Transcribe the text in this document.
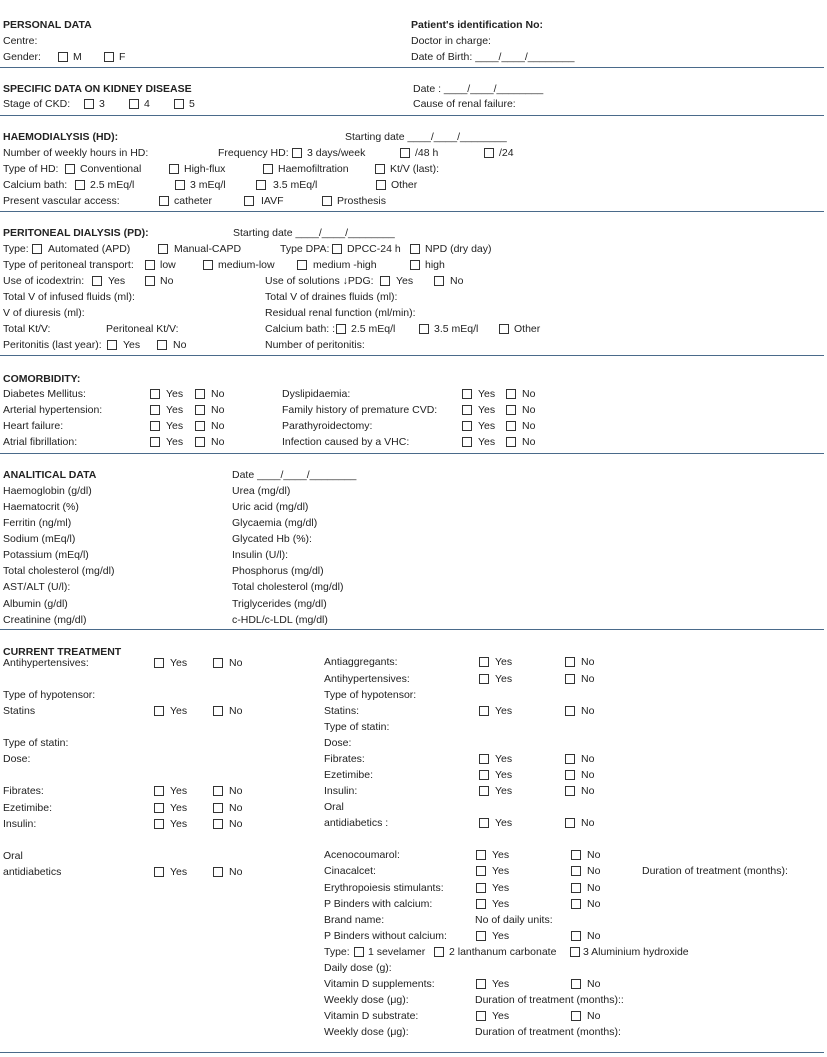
PERSONAL DATA
Centre:
Gender:	M	F
Patient's identification No:
Doctor in charge:
Date of Birth: ____/____/________
SPECIFIC DATA ON KIDNEY DISEASE
Stage of CKD:	3	4	5
Date : ____/____/________
Cause of renal failure:
HAEMODIALYSIS (HD):	Starting date ____/____/________
Number of weekly hours in HD:	Frequency HD: 3 days/week	/48 h	/24
Type of HD: Conventional	High-flux	Haemofiltration	Kt/V (last):
Calcium bath: 2.5 mEq/l	3 mEq/l	3.5 mEq/l	Other
Present vascular access:	catheter	IAVF	Prosthesis
PERITONEAL DIALYSIS (PD):	Starting date ____/____/________
Type: Automated (APD)	Manual-CAPD	Type DPA: DPCC-24 h NPD (dry day)
Type of peritoneal transport:	low	medium-low	medium -high	high
Use of icodextrin: Yes	No	Use of solutions ↓PDG: Yes	No
Total V of infused fluids (ml):	Total V of draines fluids (ml):
V of diuresis (ml):	Residual renal function (ml/min):
Total Kt/V:	Peritoneal Kt/V:	Calcium bath: : 2.5 mEq/l	3.5 mEq/l	Other
Peritonitis (last year): Yes	No	Number of peritonitis:
COMORBIDITY:
Diabetes Mellitus:	Yes	No	Dyslipidaemia:	Yes	No
Arterial hypertension:	Yes	No	Family history of premature CVD:	Yes	No
Heart failure:	Yes	No	Parathyroidectomy:	Yes	No
Atrial fibrillation:	Yes	No	Infection caused by a VHC:	Yes	No
ANALITICAL DATA	Date ____/____/________
Haemoglobin (g/dl)	Urea (mg/dl)
Haematocrit (%)	Uric acid (mg/dl)
Ferritin (ng/ml)	Glycaemia (mg/dl)
Sodium (mEq/l)	Glycated Hb (%):
Potassium (mEq/l)	Insulin (U/l):
Total cholesterol (mg/dl)	Phosphorus (mg/dl)
AST/ALT (U/l):	Total cholesterol (mg/dl)
Albumin (g/dl)	Triglycerides (mg/dl)
Creatinine (mg/dl)	c-HDL/c-LDL (mg/dl)
CURRENT TREATMENT
Antihypertensives:	Yes	No
Type of hypotensor:
Statins	Yes	No
Type of statin:
Dose:
Fibrates:	Yes	No
Ezetimibe:	Yes	No
Insulin:	Yes	No
Oral
antidiabetics	Yes	No
Antiaggregants:	Yes	No
Antihypertensives:	Yes	No
Type of hypotensor:
Statins:	Yes	No
Type of statin:
Dose:
Fibrates:	Yes	No
Ezetimibe:	Yes	No
Insulin:	Yes	No
Oral
antidiabetics :	Yes	No
Acenocoumarol:	Yes	No
Cinacalcet:	Yes	No	Duration of treatment (months):
Erythropoiesis stimulants:	Yes	No
P Binders with calcium:	Yes	No
Brand name:	No of daily units:
P Binders without calcium:	Yes	No
Type: 1 sevelamer 2 lanthanum carbonate	3 Aluminium hydroxide
Daily dose (g):
Vitamin D supplements:	Yes	No
Weekly dose (μg):	Duration of treatment (months)::
Vitamin D substrate:	Yes	No
Weekly dose (μg):	Duration of treatment (months):
